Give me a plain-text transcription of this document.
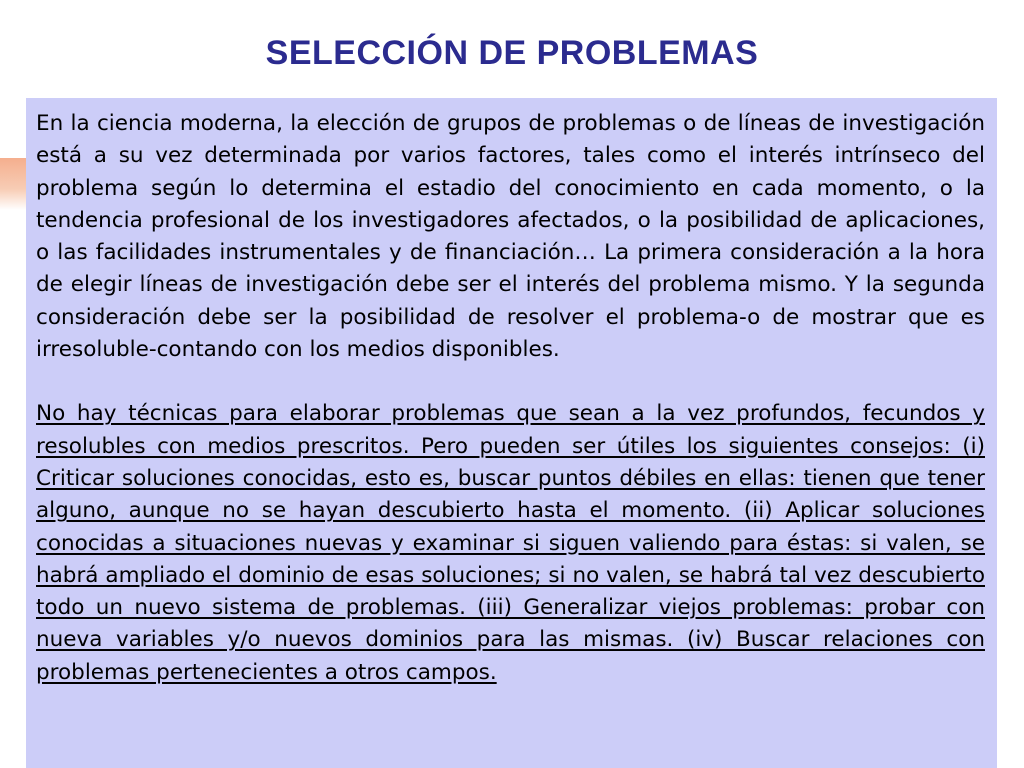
SELECCIÓN DE PROBLEMAS

En la ciencia moderna, la elección de grupos de problemas o de líneas de investigación está a su vez determinada por varios factores, tales como el interés intrínseco del problema según lo determina el estadio del conocimiento en cada momento, o la tendencia profesional de los investigadores afectados, o la posibilidad de aplicaciones, o las facilidades instrumentales y de financiación… La primera consideración a la hora de elegir líneas de investigación debe ser el interés del problema mismo. Y la segunda consideración debe ser la posibilidad de resolver el problema-o de mostrar que es irresoluble-contando con los medios disponibles.

No hay técnicas para elaborar problemas que sean a la vez profundos, fecundos y resolubles con medios prescritos. Pero pueden ser útiles los siguientes consejos: (i) Criticar soluciones conocidas, esto es, buscar puntos débiles en ellas: tienen que tener alguno, aunque no se hayan descubierto hasta el momento. (ii) Aplicar soluciones conocidas a situaciones nuevas y examinar si siguen valiendo para éstas: si valen, se habrá ampliado el dominio de esas soluciones; si no valen, se habrá tal vez descubierto todo un nuevo sistema de problemas. (iii) Generalizar viejos problemas: probar con nueva variables y/o nuevos dominios para las mismas. (iv) Buscar relaciones con problemas pertenecientes a otros campos.
